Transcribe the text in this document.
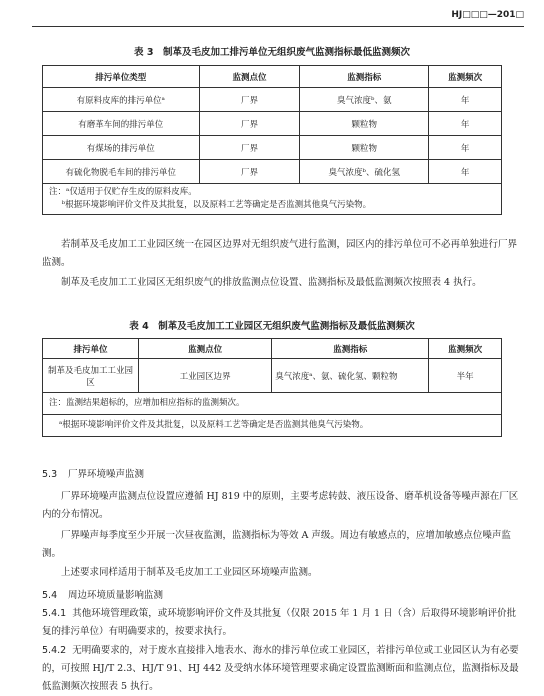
HJ□□□—201□
表 3　制革及毛皮加工排污单位无组织废气监测指标最低监测频次
排污单位类型	监测点位	监测指标	监测频次
有原料皮库的排污单位ᵃ	厂界	臭气浓度ᵇ、氨	年
有磨革车间的排污单位	厂界	颗粒物	年
有煤场的排污单位	厂界	颗粒物	年
有硫化物脱毛车间的排污单位	厂界	臭气浓度ᵇ、硫化氢	年

注：ᵃ仅适用于仅贮存生皮的原料皮库。
ᵇ根据环境影响评价文件及其批复，以及原料工艺等确定是否监测其他臭气污染物。			
若制革及毛皮加工工业园区统一在园区边界对无组织废气进行监测，园区内的排污单位可不必再单独进行厂界监测。
制革及毛皮加工工业园区无组织废气的排放监测点位设置、监测指标及最低监测频次按照表 4 执行。
表 4　制革及毛皮加工工业园区无组织废气监测指标及最低监测频次
排污单位	监测点位	监测指标	监测频次
制革及毛皮加工工业园区	工业园区边界	臭气浓度ᵃ、氨、硫化氢、颗粒物	半年
注：监测结果超标的，应增加相应指标的监测频次。			
ᵃ根据环境影响评价文件及其批复，以及原料工艺等确定是否监测其他臭气污染物。			
5.3 厂界环境噪声监测
厂界环境噪声监测点位设置应遵循 HJ 819 中的原则，主要考虑转鼓、液压设备、磨革机设备等噪声源在厂区内的分布情况。
厂界噪声每季度至少开展一次昼夜监测，监测指标为等效 A 声级。周边有敏感点的，应增加敏感点位噪声监测。
上述要求同样适用于制革及毛皮加工工业园区环境噪声监测。
5.4 周边环境质量影响监测
5.4.1 其他环境管理政策，或环境影响评价文件及其批复（仅限 2015 年 1 月 1 日（含）后取得环境影响评价批复的排污单位）有明确要求的，按要求执行。
5.4.2 无明确要求的，对于废水直接排入地表水、海水的排污单位或工业园区，若排污单位或工业园区认为有必要的，可按照 HJ/T 2.3、HJ/T 91、HJ 442 及受纳水体环境管理要求确定设置监测断面和监测点位，监测指标及最低监测频次按照表 5 执行。
